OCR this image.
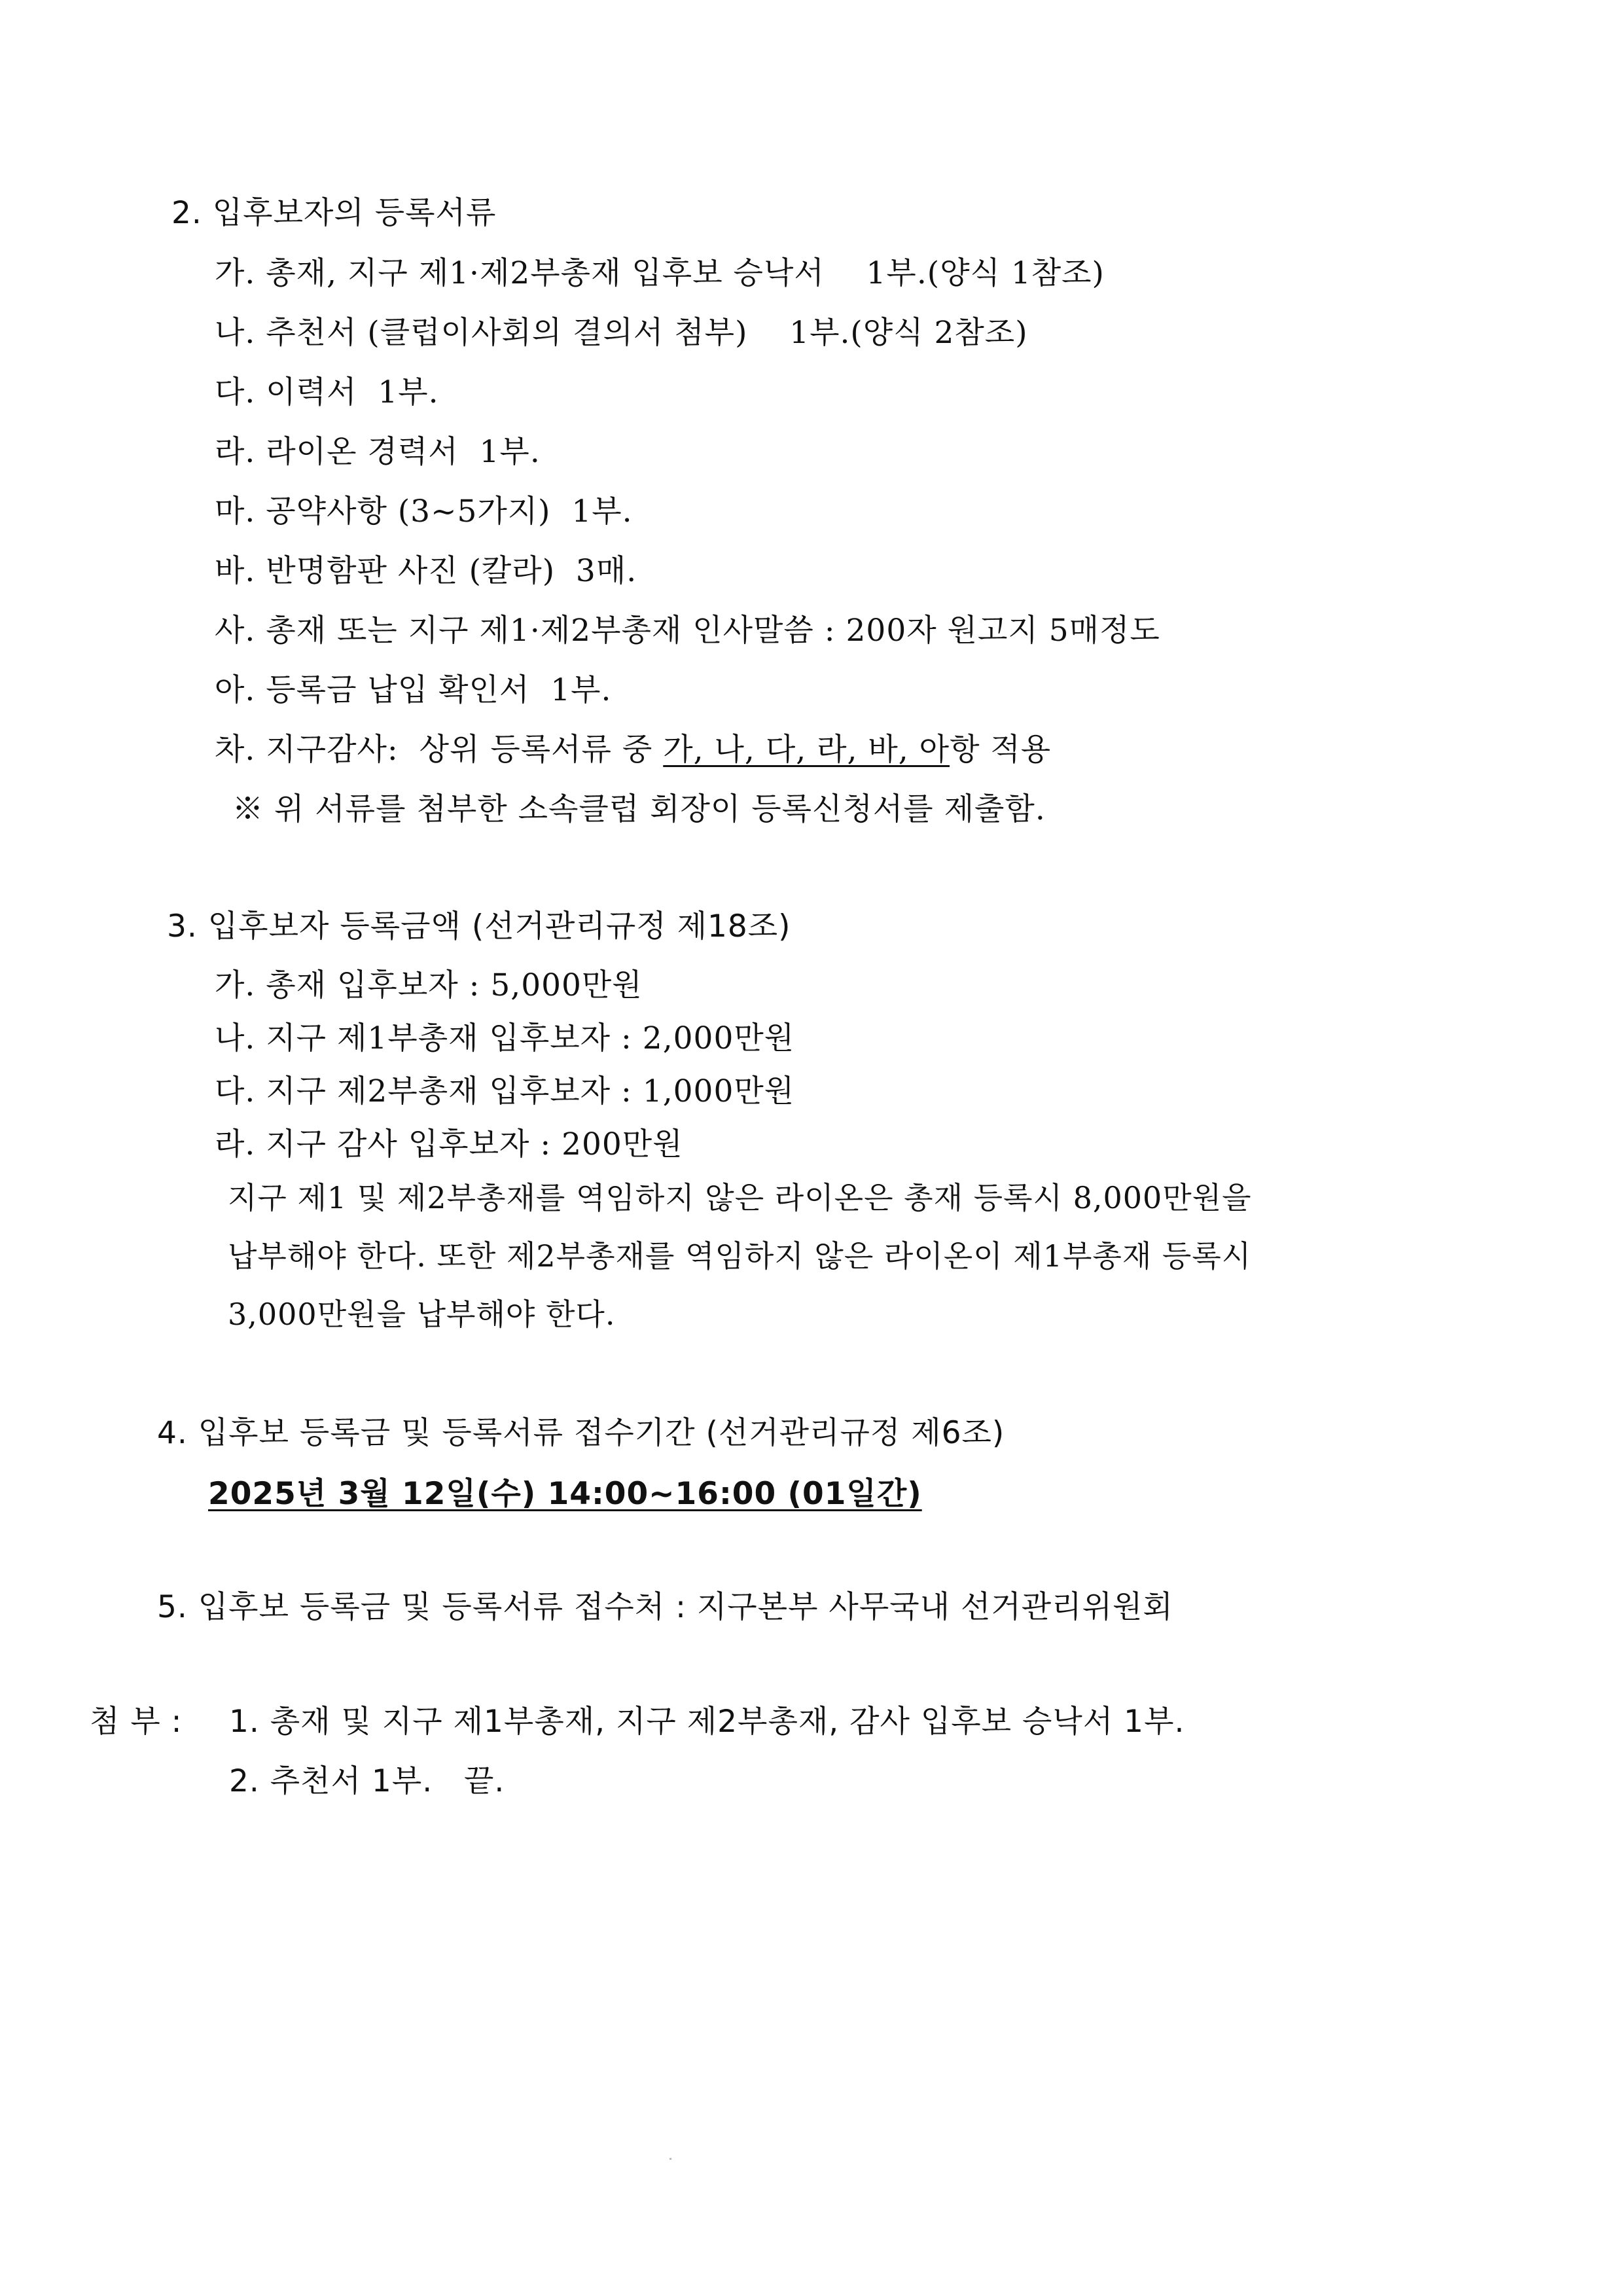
2. 입후보자의 등록서류
가. 총재, 지구 제1·제2부총재 입후보 승낙서    1부.(양식 1참조)
나. 추천서 (클럽이사회의 결의서 첨부)    1부.(양식 2참조)
다. 이력서  1부.
라. 라이온 경력서  1부.
마. 공약사항 (3~5가지)  1부.
바. 반명함판 사진 (칼라)  3매.
사. 총재 또는 지구 제1·제2부총재 인사말씀 : 200자 원고지 5매정도
아. 등록금 납입 확인서  1부.
차. 지구감사:  상위 등록서류 중 가, 나, 다, 라, 바, 아항 적용
※ 위 서류를 첨부한 소속클럽 회장이 등록신청서를 제출함.
3. 입후보자 등록금액 (선거관리규정 제18조)
가. 총재 입후보자 : 5,000만원
나. 지구 제1부총재 입후보자 : 2,000만원
다. 지구 제2부총재 입후보자 : 1,000만원
라. 지구 감사 입후보자 : 200만원
지구 제1 및 제2부총재를 역임하지 않은 라이온은 총재 등록시 8,000만원을
납부해야 한다. 또한 제2부총재를 역임하지 않은 라이온이 제1부총재 등록시
3,000만원을 납부해야 한다.
4. 입후보 등록금 및 등록서류 접수기간 (선거관리규정 제6조)
2025년 3월 12일(수) 14:00~16:00 (01일간)
5. 입후보 등록금 및 등록서류 접수처 : 지구본부 사무국내 선거관리위원회
첨 부 : 1. 총재 및 지구 제1부총재, 지구 제2부총재, 감사 입후보 승낙서 1부.
2. 추천서 1부.   끝.
